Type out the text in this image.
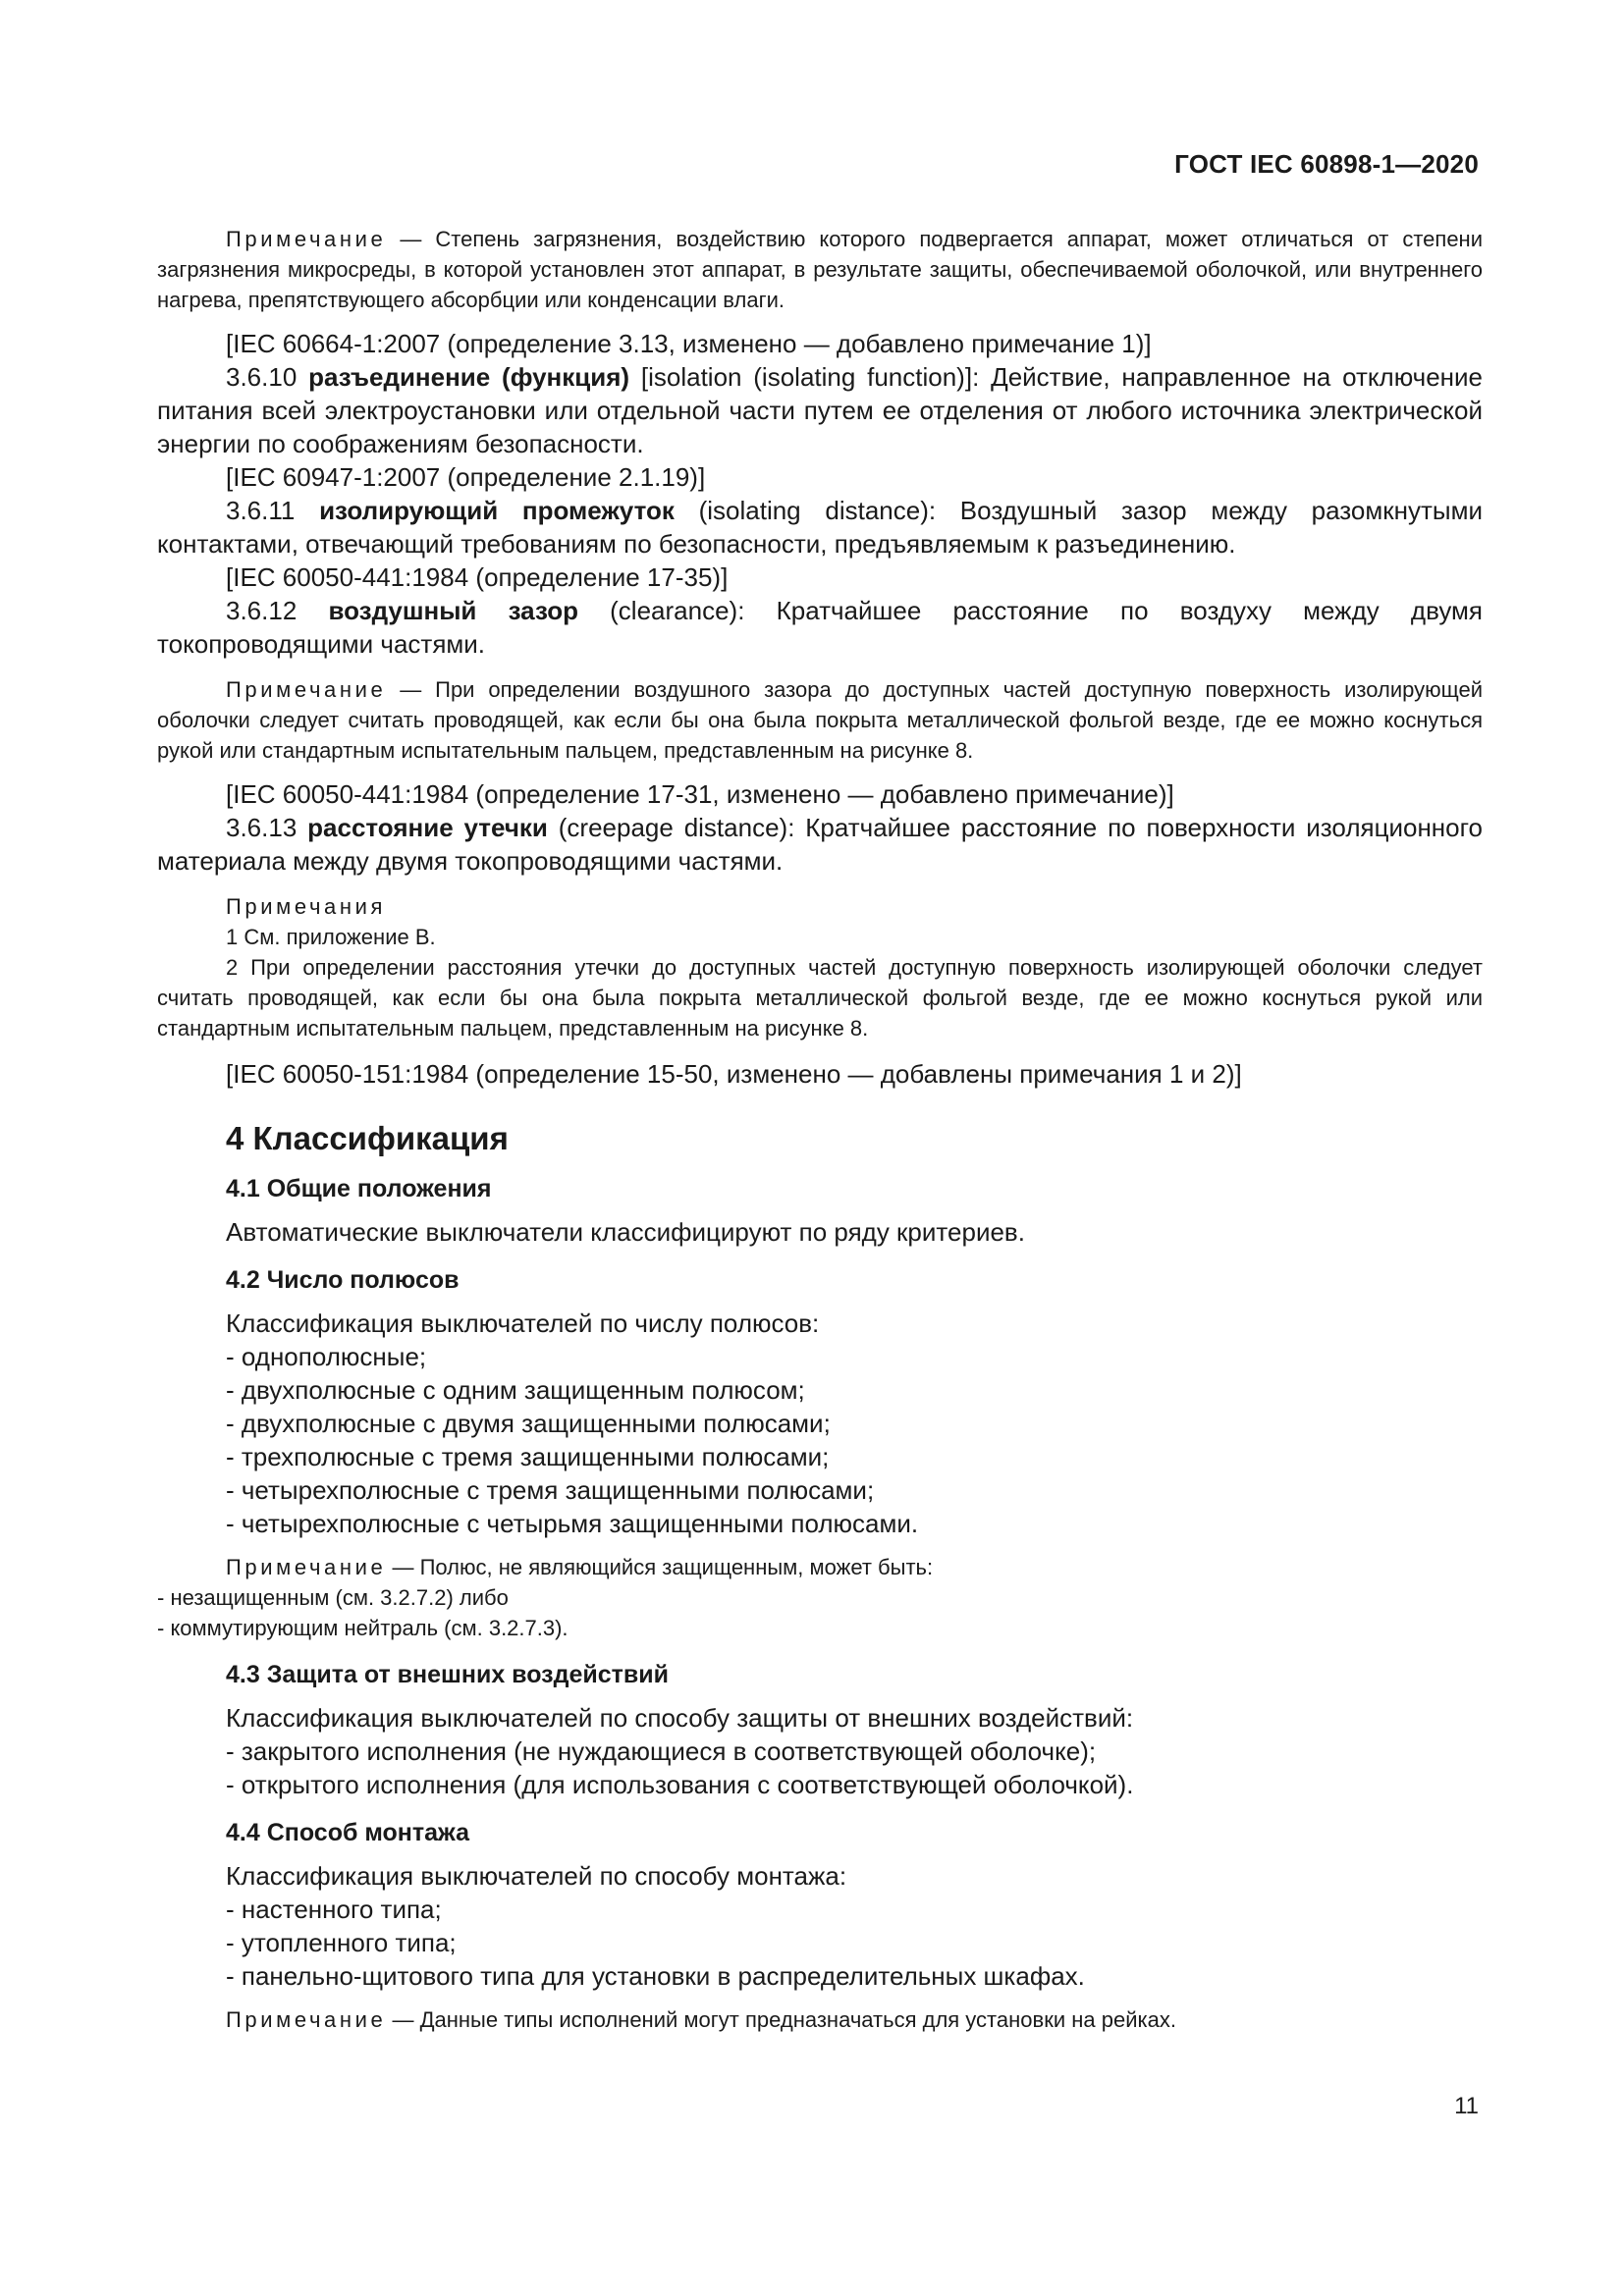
ГОСТ IEC 60898-1—2020

Примечание — Степень загрязнения, воздействию которого подвергается аппарат, может отличаться от степени загрязнения микросреды, в которой установлен этот аппарат, в результате защиты, обеспечиваемой оболочкой, или внутреннего нагрева, препятствующего абсорбции или конденсации влаги.

[IEC 60664-1:2007 (определение 3.13, изменено — добавлено примечание 1)]

3.6.10 разъединение (функция) [isolation (isolating function)]: Действие, направленное на отключение питания всей электроустановки или отдельной части путем ее отделения от любого источника электрической энергии по соображениям безопасности.

[IEC 60947-1:2007 (определение 2.1.19)]

3.6.11 изолирующий промежуток (isolating distance): Воздушный зазор между разомкнутыми контактами, отвечающий требованиям по безопасности, предъявляемым к разъединению.

[IEC 60050-441:1984 (определение 17-35)]

3.6.12 воздушный зазор (clearance): Кратчайшее расстояние по воздуху между двумя токопроводящими частями.

Примечание — При определении воздушного зазора до доступных частей доступную поверхность изолирующей оболочки следует считать проводящей, как если бы она была покрыта металлической фольгой везде, где ее можно коснуться рукой или стандартным испытательным пальцем, представленным на рисунке 8.

[IEC 60050-441:1984 (определение 17-31, изменено — добавлено примечание)]

3.6.13 расстояние утечки (creepage distance): Кратчайшее расстояние по поверхности изоляционного материала между двумя токопроводящими частями.

Примечания

1 См. приложение В.

2 При определении расстояния утечки до доступных частей доступную поверхность изолирующей оболочки следует считать проводящей, как если бы она была покрыта металлической фольгой везде, где ее можно коснуться рукой или стандартным испытательным пальцем, представленным на рисунке 8.

[IEC 60050-151:1984 (определение 15-50, изменено — добавлены примечания 1 и 2)]

4 Классификация

4.1 Общие положения

Автоматические выключатели классифицируют по ряду критериев.

4.2 Число полюсов

Классификация выключателей по числу полюсов:

- однополюсные;

- двухполюсные с одним защищенным полюсом;

- двухполюсные с двумя защищенными полюсами;

- трехполюсные с тремя защищенными полюсами;

- четырехполюсные с тремя защищенными полюсами;

- четырехполюсные с четырьмя защищенными полюсами.

Примечание — Полюс, не являющийся защищенным, может быть:

- незащищенным (см. 3.2.7.2) либо

- коммутирующим нейтраль (см. 3.2.7.3).

4.3 Защита от внешних воздействий

Классификация выключателей по способу защиты от внешних воздействий:

- закрытого исполнения (не нуждающиеся в соответствующей оболочке);

- открытого исполнения (для использования с соответствующей оболочкой).

4.4 Способ монтажа

Классификация выключателей по способу монтажа:

- настенного типа;

- утопленного типа;

- панельно-щитового типа для установки в распределительных шкафах.

Примечание — Данные типы исполнений могут предназначаться для установки на рейках.

11
